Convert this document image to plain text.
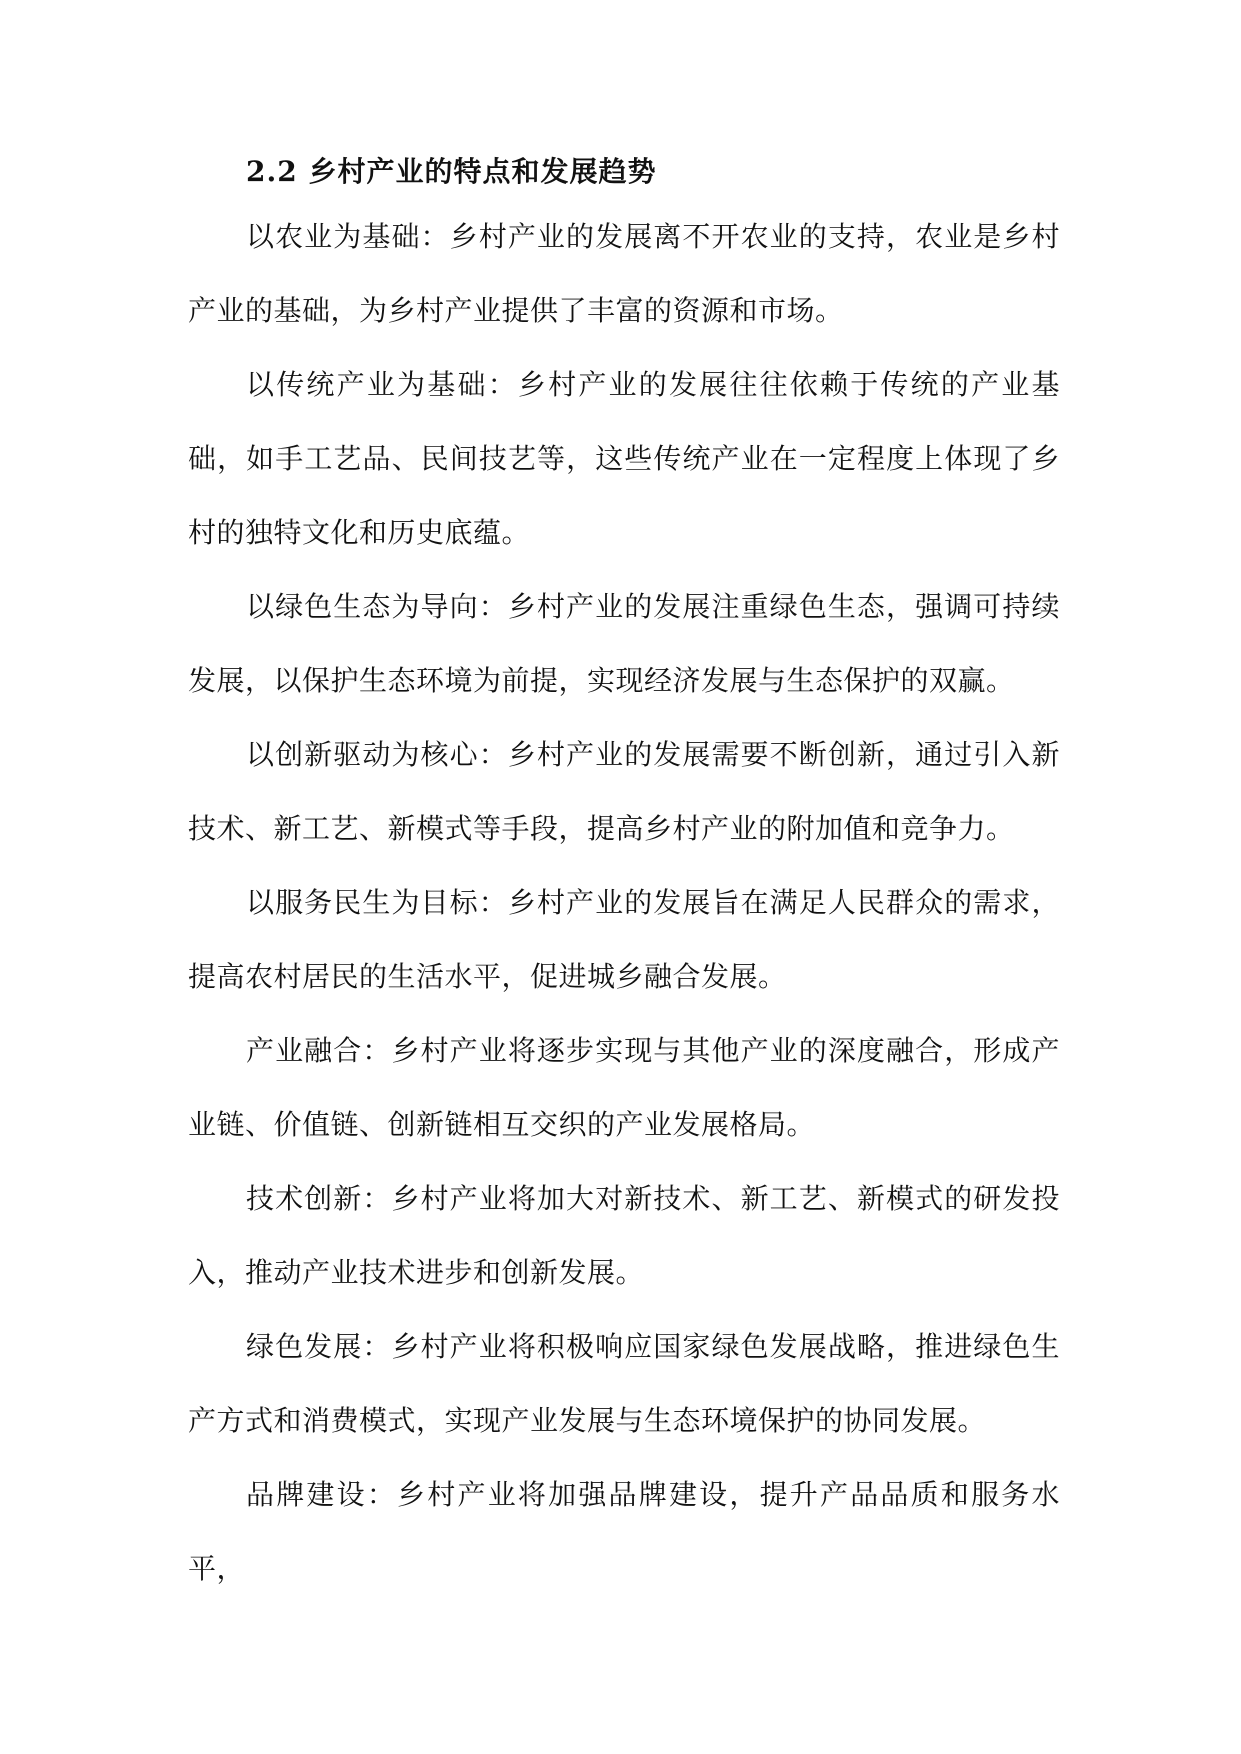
2.2 乡村产业的特点和发展趋势

以农业为基础：乡村产业的发展离不开农业的支持，农业是乡村产业的基础，为乡村产业提供了丰富的资源和市场。

以传统产业为基础：乡村产业的发展往往依赖于传统的产业基础，如手工艺品、民间技艺等，这些传统产业在一定程度上体现了乡村的独特文化和历史底蕴。

以绿色生态为导向：乡村产业的发展注重绿色生态，强调可持续发展，以保护生态环境为前提，实现经济发展与生态保护的双赢。

以创新驱动为核心：乡村产业的发展需要不断创新，通过引入新技术、新工艺、新模式等手段，提高乡村产业的附加值和竞争力。

以服务民生为目标：乡村产业的发展旨在满足人民群众的需求，提高农村居民的生活水平，促进城乡融合发展。

产业融合：乡村产业将逐步实现与其他产业的深度融合，形成产业链、价值链、创新链相互交织的产业发展格局。

技术创新：乡村产业将加大对新技术、新工艺、新模式的研发投入，推动产业技术进步和创新发展。

绿色发展：乡村产业将积极响应国家绿色发展战略，推进绿色生产方式和消费模式，实现产业发展与生态环境保护的协同发展。

品牌建设：乡村产业将加强品牌建设，提升产品品质和服务水平，
